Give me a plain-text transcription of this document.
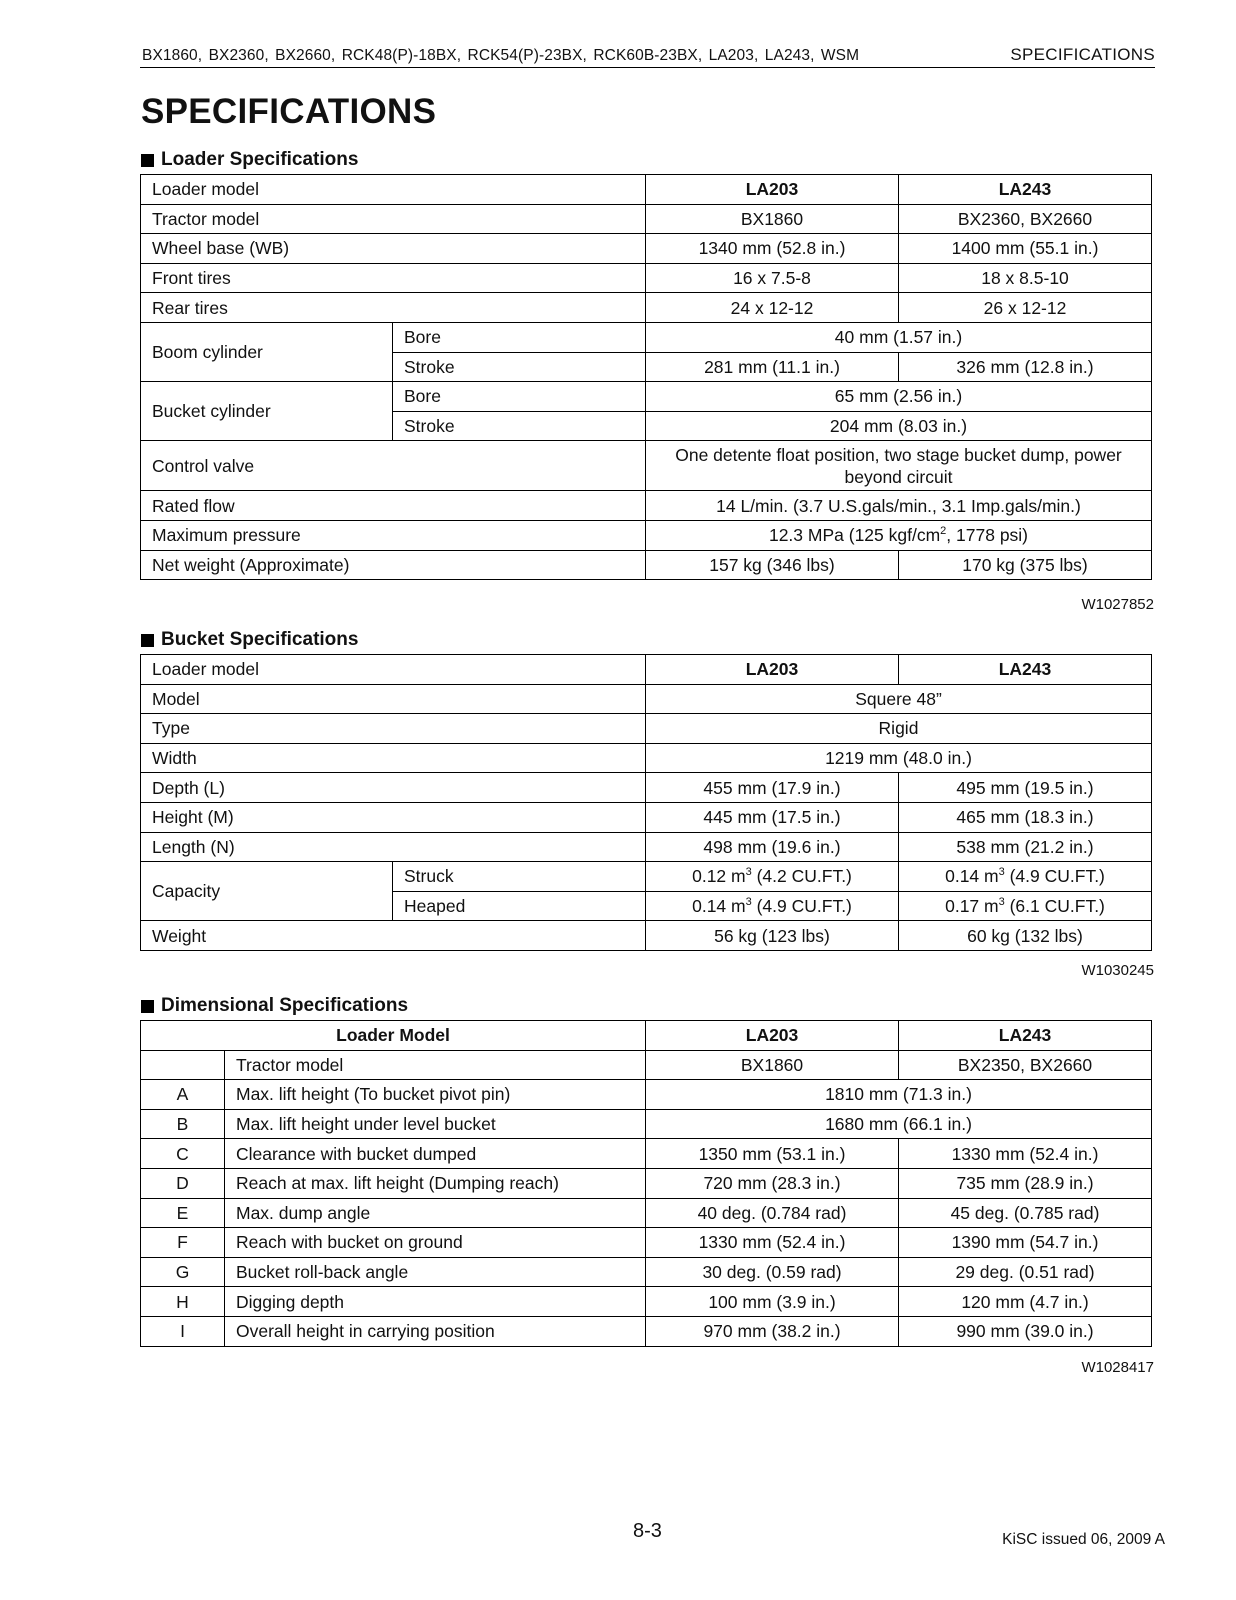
BX1860, BX2360, BX2660, RCK48(P)-18BX, RCK54(P)-23BX, RCK60B-23BX, LA203, LA243, WSM	SPECIFICATIONS
SPECIFICATIONS
Loader Specifications
Loader model		LA203	LA243
Tractor model		BX1860	BX2360, BX2660
Wheel base (WB)		1340 mm (52.8 in.)	1400 mm (55.1 in.)
Front tires		16 x 7.5-8	18 x 8.5-10
Rear tires		24 x 12-12	26 x 12-12
Boom cylinder	Bore	40 mm (1.57 in.)	
	Stroke	281 mm (11.1 in.)	326 mm (12.8 in.)
Bucket cylinder	Bore	65 mm (2.56 in.)	
	Stroke	204 mm (8.03 in.)	
Control valve		One detente float position, two stage bucket dump, power beyond circuit	
Rated flow		14 L/min. (3.7 U.S.gals/min., 3.1 Imp.gals/min.)	
Maximum pressure		12.3 MPa (125 kgf/$cm^2$, 1778 psi)	
Net weight (Approximate)		157 kg (346 lbs)	170 kg (375 lbs)
W1027852
Bucket Specifications
Loader model		LA203	LA243
Model		Squere 48”	
Type		Rigid	
Width		1219 mm (48.0 in.)	
Depth (L)		455 mm (17.9 in.)	495 mm (19.5 in.)
Height (M)		445 mm (17.5 in.)	465 mm (18.3 in.)
Length (N)		498 mm (19.6 in.)	538 mm (21.2 in.)
Capacity	Struck	0.12 $m^3$ (4.2 CU.FT.)	0.14 $m^3$ (4.9 CU.FT.)
	Heaped	0.14 $m^3$ (4.9 CU.FT.)	0.17 $m^3$ (6.1 CU.FT.)
Weight		56 kg (123 lbs)	60 kg (132 lbs)
W1030245
Dimensional Specifications
Loader Model		LA203	LA243
	Tractor model	BX1860	BX2350, BX2660
A	Max. lift height (To bucket pivot pin)	1810 mm (71.3 in.)	
B	Max. lift height under level bucket	1680 mm (66.1 in.)	
C	Clearance with bucket dumped	1350 mm (53.1 in.)	1330 mm (52.4 in.)
D	Reach at max. lift height (Dumping reach)	720 mm (28.3 in.)	735 mm (28.9 in.)
E	Max. dump angle	40 deg. (0.784 rad)	45 deg. (0.785 rad)
F	Reach with bucket on ground	1330 mm (52.4 in.)	1390 mm (54.7 in.)
G	Bucket roll-back angle	30 deg. (0.59 rad)	29 deg. (0.51 rad)
H	Digging depth	100 mm (3.9 in.)	120 mm (4.7 in.)
I	Overall height in carrying position	970 mm (38.2 in.)	990 mm (39.0 in.)
W1028417
8-3	KiSC issued 06, 2009 A
